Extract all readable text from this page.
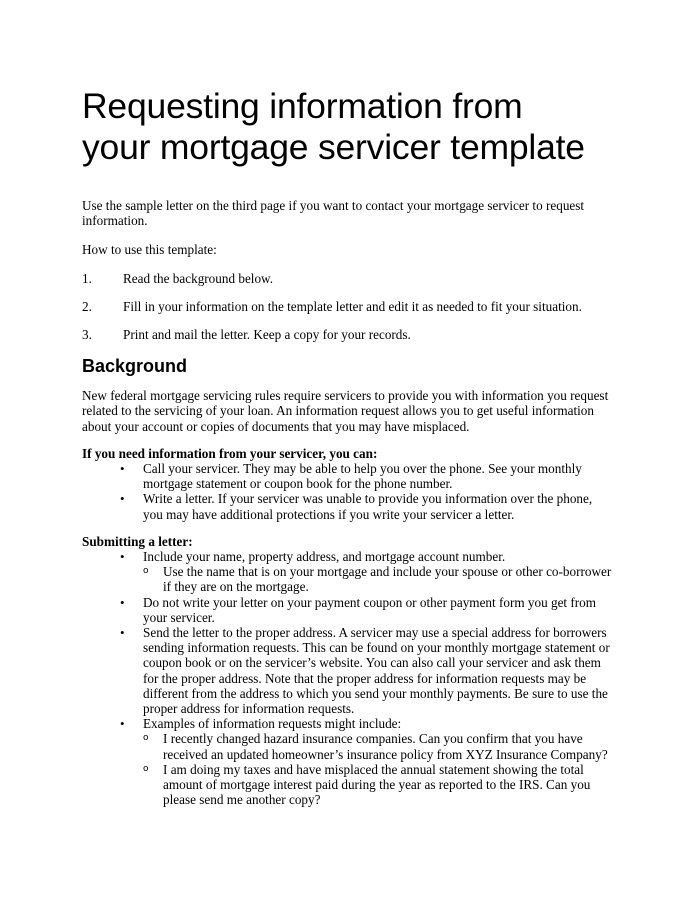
Requesting information from
your mortgage servicer template

Use the sample letter on the third page if you want to contact your mortgage servicer to request information.

How to use this template:

1.	Read the background below.
2.	Fill in your information on the template letter and edit it as needed to fit your situation.
3.	Print and mail the letter. Keep a copy for your records.
Background

New federal mortgage servicing rules require servicers to provide you with information you request related to the servicing of your loan. An information request allows you to get useful information about your account or copies of documents that you may have misplaced.

If you need information from your servicer, you can:

• Call your servicer. They may be able to help you over the phone. See your monthly mortgage statement or coupon book for the phone number.
• Write a letter. If your servicer was unable to provide you information over the phone, you may have additional protections if you write your servicer a letter.

Submitting a letter:

• Include your name, property address, and mortgage account number.
o Use the name that is on your mortgage and include your spouse or other co-borrower if they are on the mortgage.
• Do not write your letter on your payment coupon or other payment form you get from your servicer.
• Send the letter to the proper address. A servicer may use a special address for borrowers sending information requests. This can be found on your monthly mortgage statement or coupon book or on the servicer’s website. You can also call your servicer and ask them for the proper address. Note that the proper address for information requests may be different from the address to which you send your monthly payments. Be sure to use the proper address for information requests.
• Examples of information requests might include:
o I recently changed hazard insurance companies. Can you confirm that you have received an updated homeowner’s insurance policy from XYZ Insurance Company?
o I am doing my taxes and have misplaced the annual statement showing the total amount of mortgage interest paid during the year as reported to the IRS. Can you please send me another copy?
